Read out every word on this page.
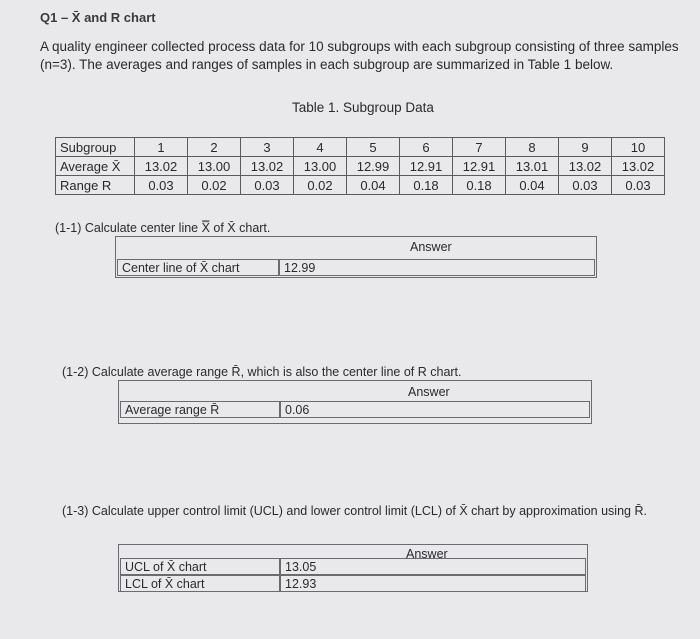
Q1 – X̄ and R chart
A quality engineer collected process data for 10 subgroups with each subgroup consisting of three samples (n=3). The averages and ranges of samples in each subgroup are summarized in Table 1 below.
Table 1. Subgroup Data
Subgroup	1	2	3	4	5	6	7	8	9	10
Average X̄	13.02	13.00	13.02	13.00	12.99	12.91	12.91	13.01	13.02	13.02
Range R	0.03	0.02	0.03	0.02	0.04	0.18	0.18	0.04	0.03	0.03
(1-1) Calculate center line X̿ of X̄ chart.
Answer
Center line of X̄ chart	12.99
(1-2) Calculate average range R̄, which is also the center line of R chart.
Answer
Average range R̄	0.06
(1-3) Calculate upper control limit (UCL) and lower control limit (LCL) of X̄ chart by approximation using R̄.
Answer
UCL of X̄ chart	13.05
LCL of X̄ chart	12.93
